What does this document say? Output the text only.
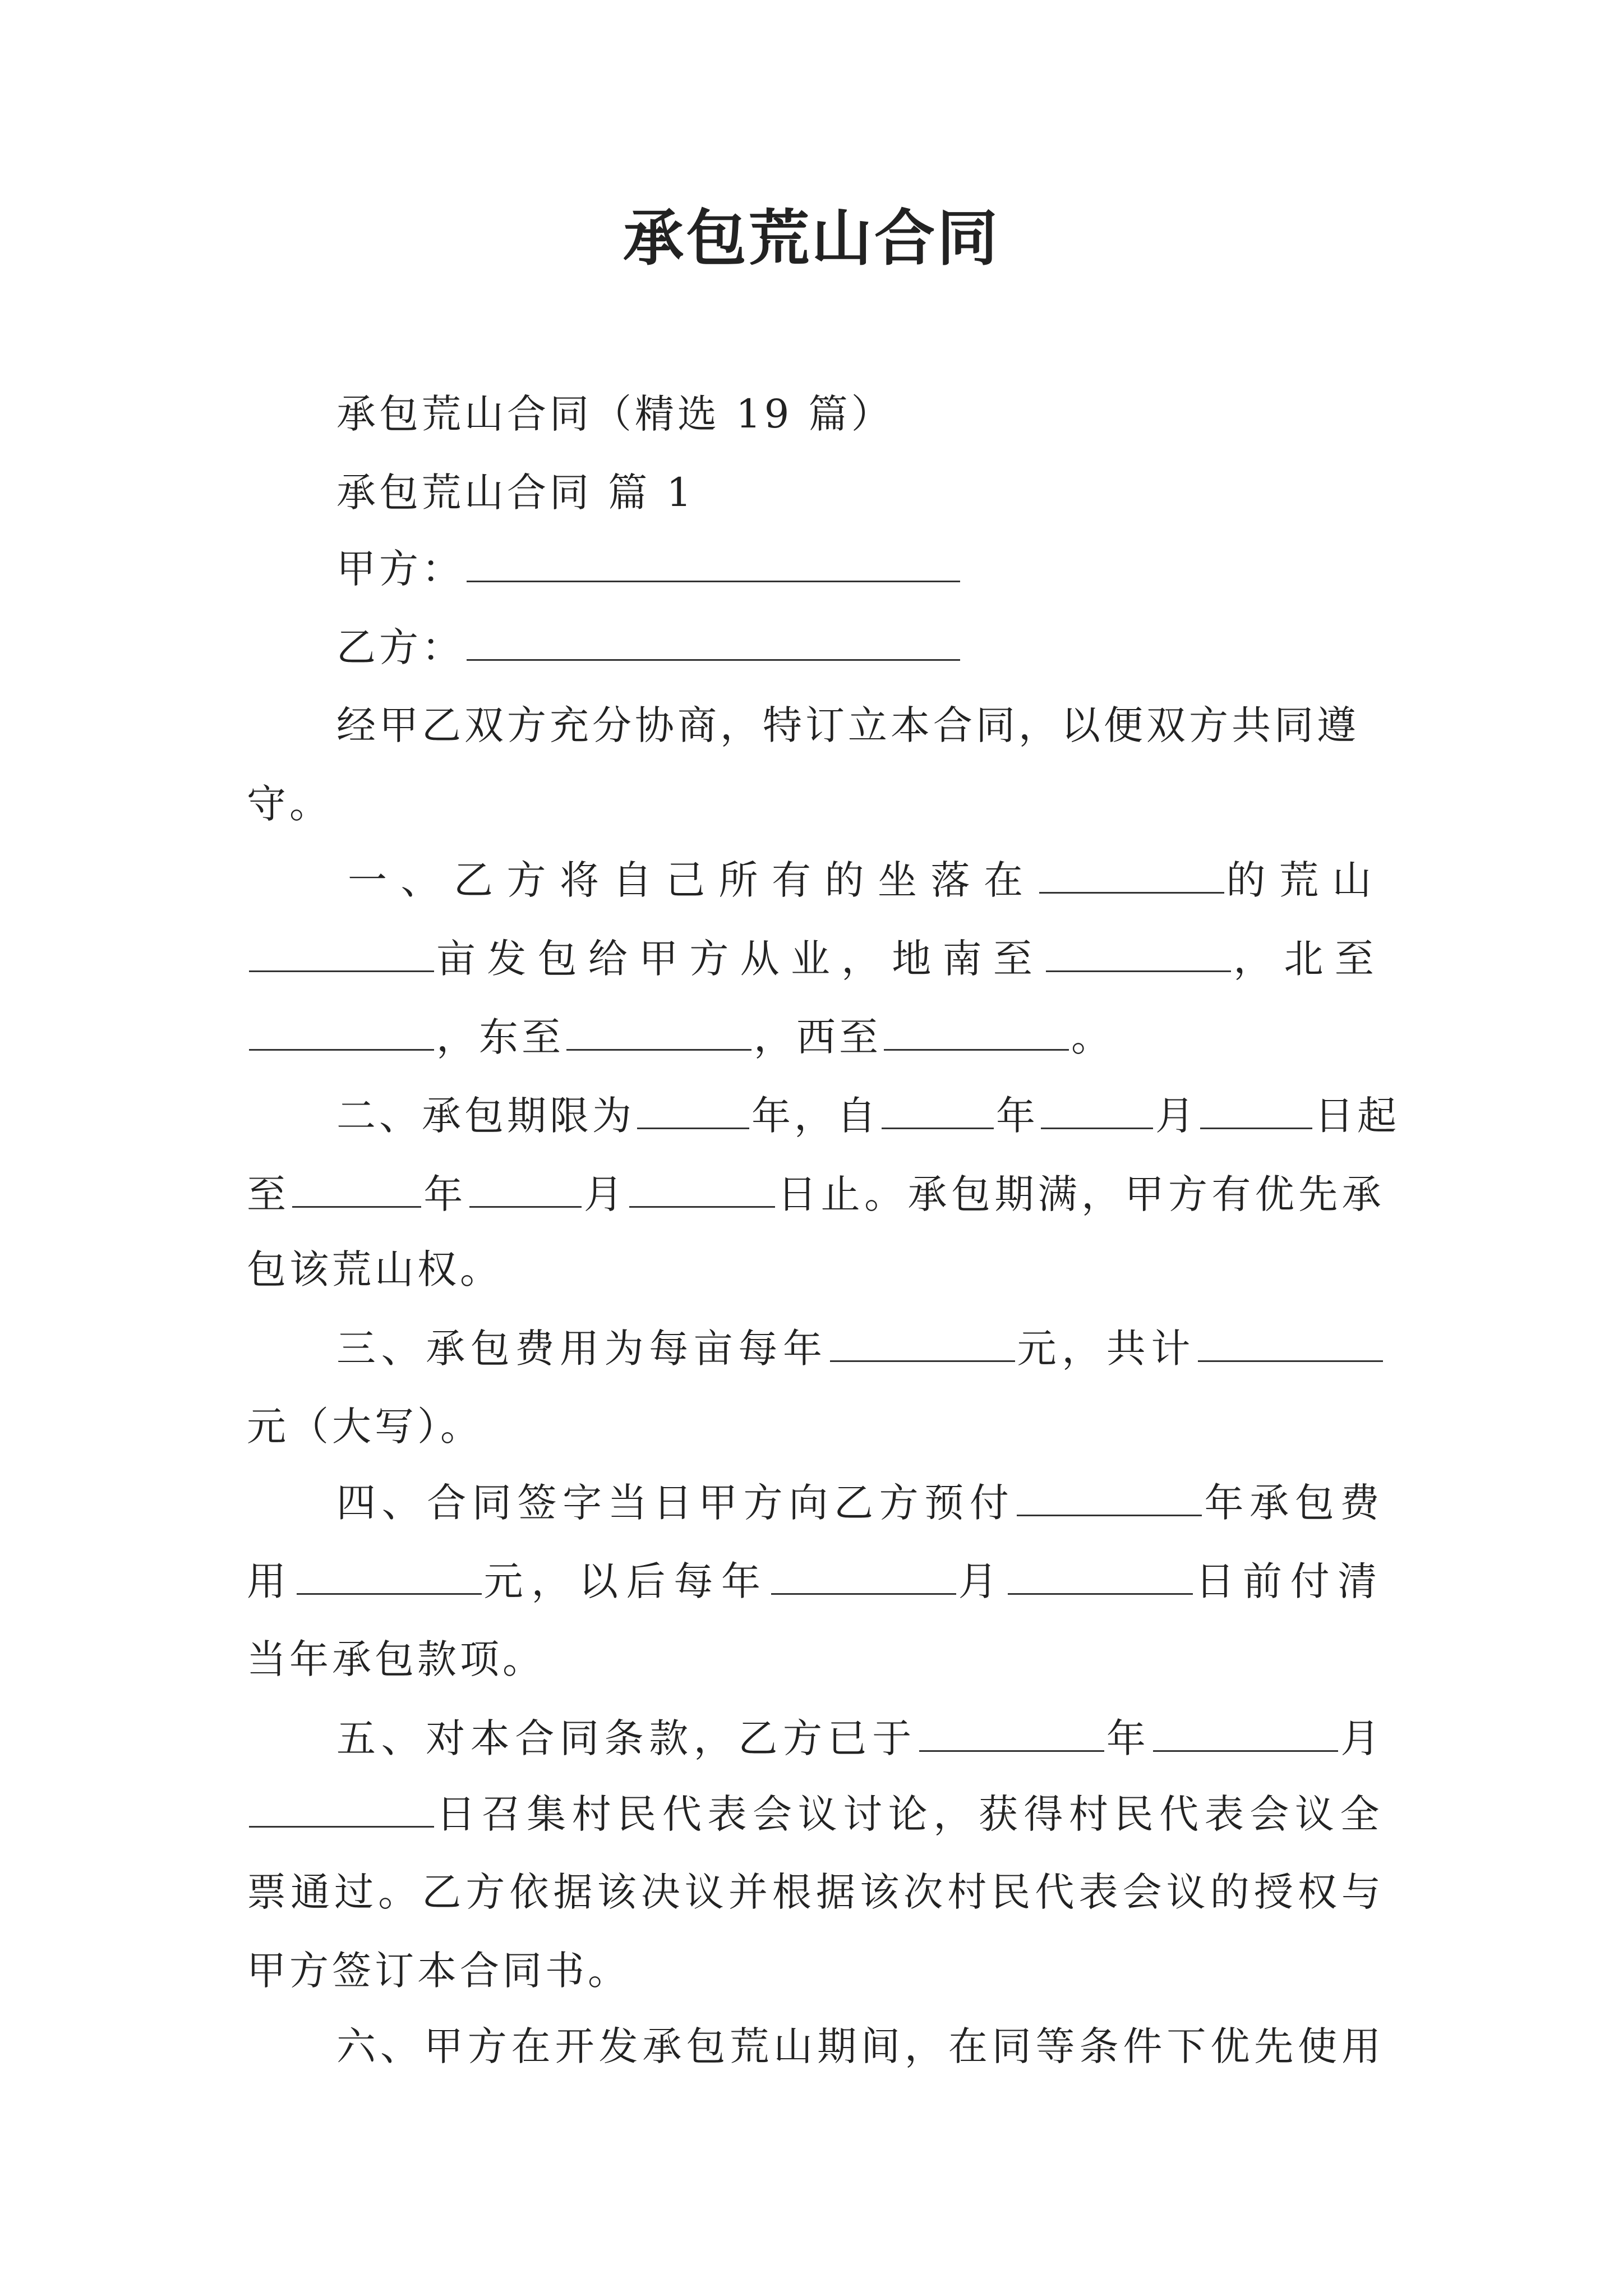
承包荒山合同
承包荒山合同（精选 19 篇）
承包荒山合同 篇 1
甲方：
乙方：
经甲乙双方充分协商，特订立本合同，以便双方共同遵
守。
一、乙方将自己所有的坐落在	的荒山
亩发包给甲方从业，地南至	，北至
，东至	，西至	。
二、承包期限为	年，自	年	月	日起
至	年	月	日止。承包期满，甲方有优先承
包该荒山权。
三、承包费用为每亩每年	元，共计
元（大写）。
四、合同签字当日甲方向乙方预付	年承包费
用	元，以后每年	月	日前付清
当年承包款项。
五、对本合同条款，乙方已于	年	月
日召集村民代表会议讨论，获得村民代表会议全
票通过。乙方依据该决议并根据该次村民代表会议的授权与
甲方签订本合同书。
六、甲方在开发承包荒山期间，在同等条件下优先使用
